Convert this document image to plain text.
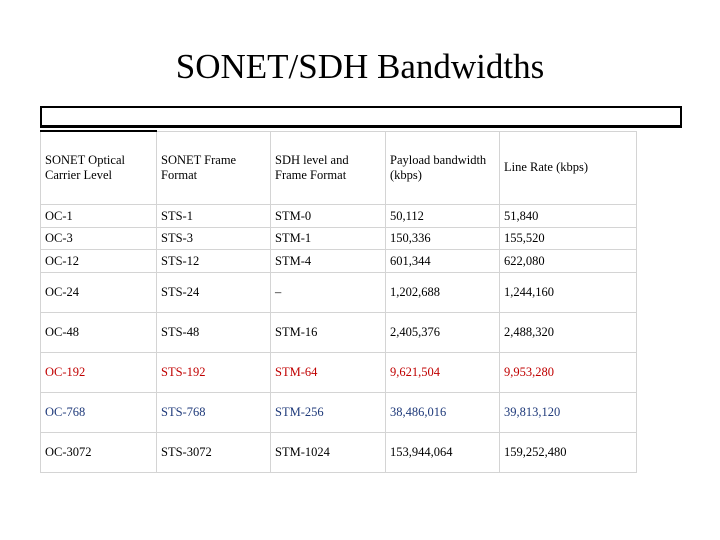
SONET/SDH Bandwidths
SONET Optical Carrier Level	SONET Frame Format	SDH level and Frame Format	Payload bandwidth (kbps)	Line Rate (kbps)
OC-1	STS-1	STM-0	50,112	51,840
OC-3	STS-3	STM-1	150,336	155,520
OC-12	STS-12	STM-4	601,344	622,080
OC-24	STS-24	–	1,202,688	1,244,160
OC-48	STS-48	STM-16	2,405,376	2,488,320
OC-192	STS-192	STM-64	9,621,504	9,953,280
OC-768	STS-768	STM-256	38,486,016	39,813,120
OC-3072	STS-3072	STM-1024	153,944,064	159,252,480
